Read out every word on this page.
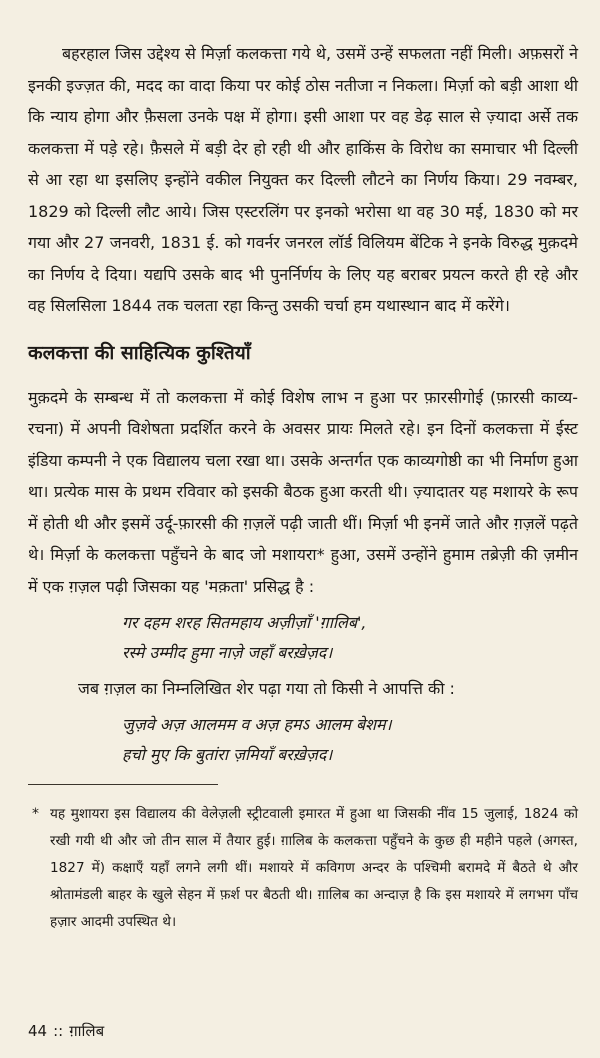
बहरहाल जिस उद्देश्य से मिर्ज़ा कलकत्ता गये थे, उसमें उन्हें सफलता नहीं मिली। अफ़सरों ने इनकी इज्ज़त की, मदद का वादा किया पर कोई ठोस नतीजा न निकला। मिर्ज़ा को बड़ी आशा थी कि न्याय होगा और फ़ैसला उनके पक्ष में होगा। इसी आशा पर वह डेढ़ साल से ज़्यादा अर्से तक कलकत्ता में पड़े रहे। फ़ैसले में बड़ी देर हो रही थी और हाकिंस के विरोध का समाचार भी दिल्ली से आ रहा था इसलिए इन्होंने वकील नियुक्त कर दिल्ली लौटने का निर्णय किया। 29 नवम्बर, 1829 को दिल्ली लौट आये। जिस एस्टरलिंग पर इनको भरोसा था वह 30 मई, 1830 को मर गया और 27 जनवरी, 1831 ई. को गवर्नर जनरल लॉर्ड विलियम बेंटिक ने इनके विरुद्ध मुक़दमे का निर्णय दे दिया। यद्यपि उसके बाद भी पुनर्निर्णय के लिए यह बराबर प्रयत्न करते ही रहे और वह सिलसिला 1844 तक चलता रहा किन्तु उसकी चर्चा हम यथास्थान बाद में करेंगे।

कलकत्ता की साहित्यिक कुश्तियाँ

मुक़दमे के सम्बन्ध में तो कलकत्ता में कोई विशेष लाभ न हुआ पर फ़ारसीगोई (फ़ारसी काव्य-रचना) में अपनी विशेषता प्रदर्शित करने के अवसर प्रायः मिलते रहे। इन दिनों कलकत्ता में ईस्ट इंडिया कम्पनी ने एक विद्यालय चला रखा था। उसके अन्तर्गत एक काव्यगोष्ठी का भी निर्माण हुआ था। प्रत्येक मास के प्रथम रविवार को इसकी बैठक हुआ करती थी। ज़्यादातर यह मशायरे के रूप में होती थी और इसमें उर्दू-फ़ारसी की ग़ज़लें पढ़ी जाती थीं। मिर्ज़ा भी इनमें जाते और ग़ज़लें पढ़ते थे। मिर्ज़ा के कलकत्ता पहुँचने के बाद जो मशायरा* हुआ, उसमें उन्होंने हुमाम तब्रेज़ी की ज़मीन में एक ग़ज़ल पढ़ी जिसका यह 'मक़ता' प्रसिद्ध है :

गर दहम शरह सितमहाय अज़ीज़ाँ 'ग़ालिब',

रस्मे उम्मीद हुमा नाज़े जहाँ बरख़ेज़द।

जब ग़ज़ल का निम्नलिखित शेर पढ़ा गया तो किसी ने आपत्ति की :

जुज़वे अज़ आलमम व अज़ हमऽ आलम बेशम।

हचो मुए कि बुतांरा ज़मियाँ बरख़ेज़द।

* यह मुशायरा इस विद्यालय की वेलेज़ली स्ट्रीटवाली इमारत में हुआ था जिसकी नींव 15 जुलाई, 1824 को रखी गयी थी और जो तीन साल में तैयार हुई। ग़ालिब के कलकत्ता पहुँचने के कुछ ही महीने पहले (अगस्त, 1827 में) कक्षाएँ यहाँ लगने लगी थीं। मशायरे में कविगण अन्दर के पश्चिमी बरामदे में बैठते थे और श्रोतामंडली बाहर के खुले सेहन में फ़र्श पर बैठती थी। ग़ालिब का अन्दाज़ है कि इस मशायरे में लगभग पाँच हज़ार आदमी उपस्थित थे।
44 :: ग़ालिब
